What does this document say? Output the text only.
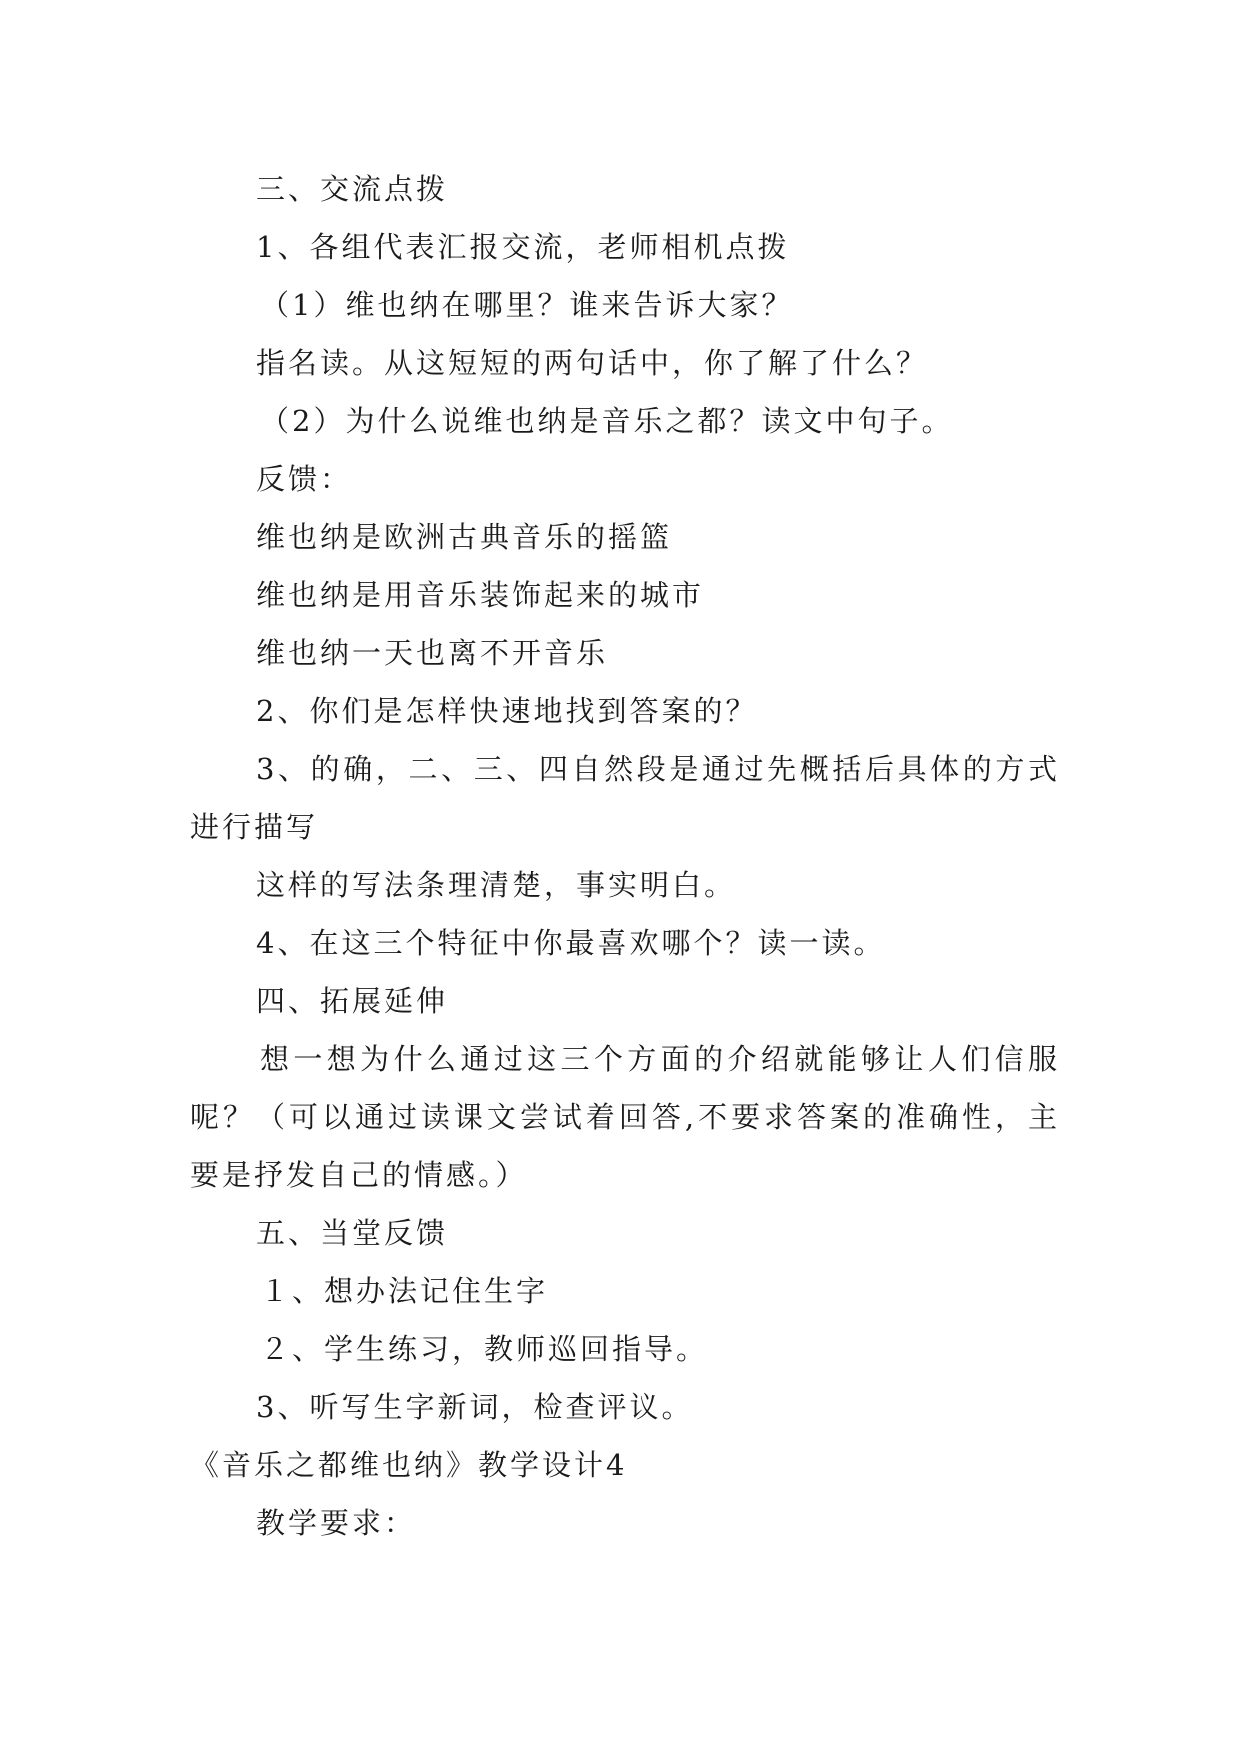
三、交流点拨

1、各组代表汇报交流，老师相机点拨

（1）维也纳在哪里？谁来告诉大家？

指名读。从这短短的两句话中，你了解了什么？

（2）为什么说维也纳是音乐之都？读文中句子。

反馈：

维也纳是欧洲古典音乐的摇篮

维也纳是用音乐装饰起来的城市

维也纳一天也离不开音乐

2、你们是怎样快速地找到答案的？

3、的确，二、三、四自然段是通过先概括后具体的方式进行描写

这样的写法条理清楚，事实明白。

4、在这三个特征中你最喜欢哪个？读一读。

四、拓展延伸

想一想为什么通过这三个方面的介绍就能够让人们信服呢？（可以通过读课文尝试着回答,不要求答案的准确性，主要是抒发自己的情感。）

五、当堂反馈

１、想办法记住生字

２、学生练习，教师巡回指导。

3、听写生字新词，检查评议。

《音乐之都维也纳》教学设计4

教学要求：
